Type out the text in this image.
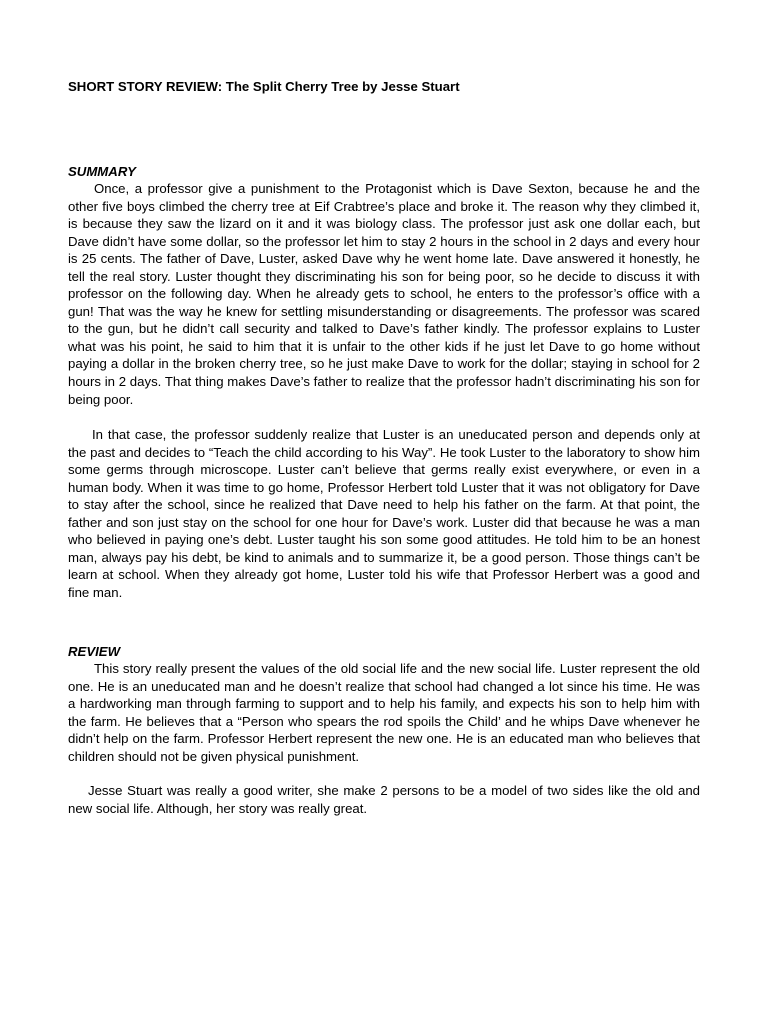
SHORT STORY REVIEW: The Split Cherry Tree by Jesse Stuart

SUMMARY

Once, a professor give a punishment to the Protagonist which is Dave Sexton, because he and the other five boys climbed the cherry tree at Eif Crabtree’s place and broke it. The reason why they climbed it, is because they saw the lizard on it and it was biology class. The professor just ask one dollar each, but Dave didn’t have some dollar, so the professor let him to stay 2 hours in the school in 2 days and every hour is 25 cents. The father of Dave, Luster, asked Dave why he went home late. Dave answered it honestly, he tell the real story. Luster thought they discriminating his son for being poor, so he decide to discuss it with professor on the following day. When he already gets to school, he enters to the professor’s office with a gun! That was the way he knew for settling misunderstanding or disagreements. The professor was scared to the gun, but he didn’t call security and talked to Dave’s father kindly. The professor explains to Luster what was his point, he said to him that it is unfair to the other kids if he just let Dave to go home without paying a dollar in the broken cherry tree, so he just make Dave to work for the dollar; staying in school for 2 hours in 2 days. That thing makes Dave’s father to realize that the professor hadn’t discriminating his son for being poor.

In that case, the professor suddenly realize that Luster is an uneducated person and depends only at the past and decides to “Teach the child according to his Way”. He took Luster to the laboratory to show him some germs through microscope. Luster can’t believe that germs really exist everywhere, or even in a human body. When it was time to go home, Professor Herbert told Luster that it was not obligatory for Dave to stay after the school, since he realized that Dave need to help his father on the farm. At that point, the father and son just stay on the school for one hour for Dave’s work. Luster did that because he was a man who believed in paying one’s debt. Luster taught his son some good attitudes. He told him to be an honest man, always pay his debt, be kind to animals and to summarize it, be a good person. Those things can’t be learn at school. When they already got home, Luster told his wife that Professor Herbert was a good and fine man.

REVIEW

This story really present the values of the old social life and the new social life. Luster represent the old one. He is an uneducated man and he doesn’t realize that school had changed a lot since his time. He was a hardworking man through farming to support and to help his family, and expects his son to help him with the farm. He believes that a “Person who spears the rod spoils the Child’ and he whips Dave whenever he didn’t help on the farm. Professor Herbert represent the new one. He is an educated man who believes that children should not be given physical punishment.

Jesse Stuart was really a good writer, she make 2 persons to be a model of two sides like the old and new social life. Although, her story was really great.
